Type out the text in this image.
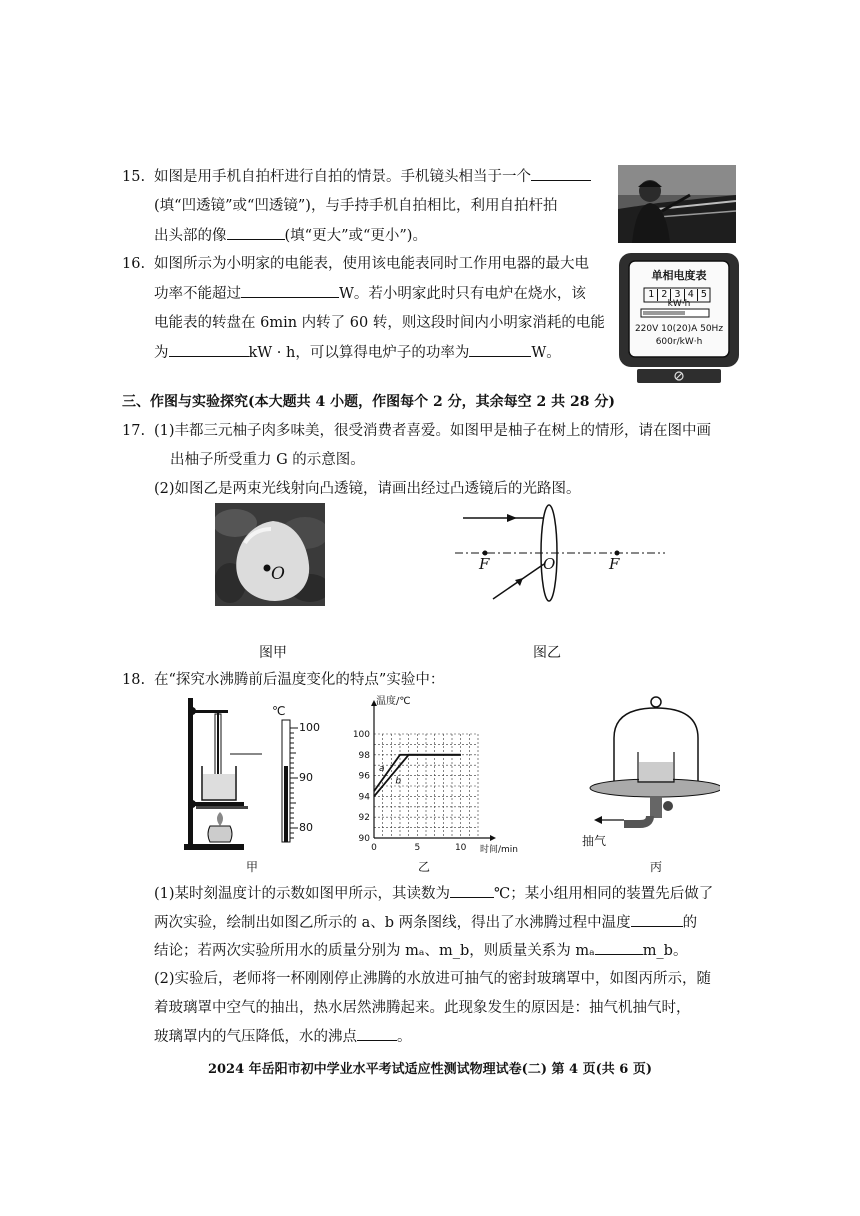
15. 如图是用手机自拍杆进行自拍的情景。手机镜头相当于一个
(填“凹透镜”或“凹透镜”)，与手持手机自拍相比，利用自拍杆拍
出头部的像	(填“更大”或“更小”)。
16. 如图所示为小明家的电能表，使用该电能表同时工作用电器的最大电
功率不能超过	W。若小明家此时只有电炉在烧水，该
电能表的转盘在 6min 内转了 60 转，则这段时间内小明家消耗的电能
为	kW · h，可以算得电炉子的功率为	W。
单相电度表
1 2 3 4 5
kW·h
220V 10(20)A 50Hz
600r/kW·h
三、作图与实验探究(本大题共 4 小题，作图每个 2 分，其余每空 2 共 28 分)
17. (1)丰都三元柚子肉多味美，很受消费者喜爱。如图甲是柚子在树上的情形，请在图中画
出柚子所受重力 G 的示意图。
(2)如图乙是两束光线射向凸透镜，请画出经过凸透镜后的光路图。
O	F	O	F
图甲	图乙
18. 在“探究水沸腾前后温度变化的特点”实验中：
℃
100
90
80
甲
90
92
94
96
98
100
0	5	10
温度/℃
时间/min
a
b
乙
抽气
丙
(1)某时刻温度计的示数如图甲所示，其读数为	℃；某小组用相同的装置先后做了
两次实验，绘制出如图乙所示的 a、b 两条图线，得出了水沸腾过程中温度	的
结论；若两次实验所用水的质量分别为 mₐ、m_b，则质量关系为 mₐ	m_b。
(2)实验后，老师将一杯刚刚停止沸腾的水放进可抽气的密封玻璃罩中，如图丙所示，随
着玻璃罩中空气的抽出，热水居然沸腾起来。此现象发生的原因是：抽气机抽气时，
玻璃罩内的气压降低，水的沸点	。
2024 年岳阳市初中学业水平考试适应性测试物理试卷(二) 第 4 页(共 6 页)
